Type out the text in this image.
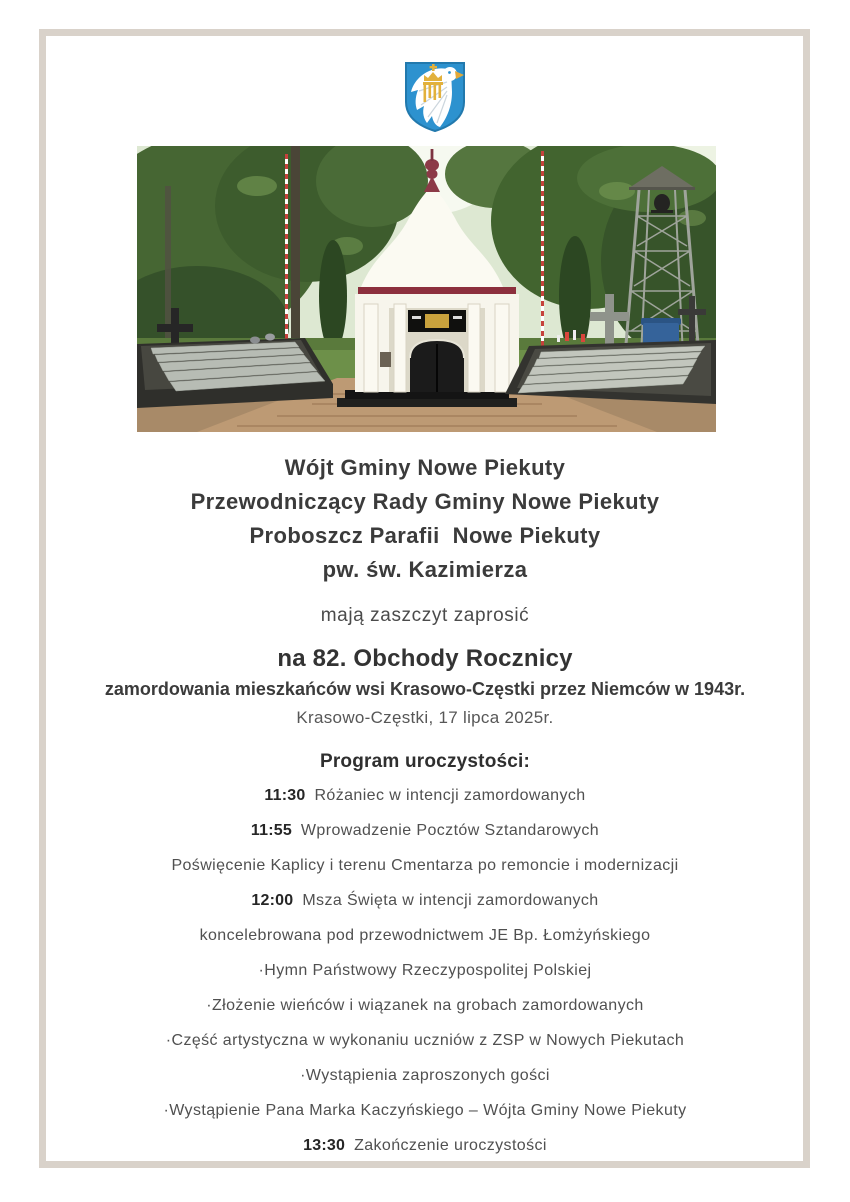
Wójt Gminy Nowe Piekuty
Przewodniczący Rady Gminy Nowe Piekuty
Proboszcz Parafii  Nowe Piekuty
pw. św. Kazimierza
mają zaszczyt zaprosić
na 82. Obchody Rocznicy
zamordowania mieszkańców wsi Krasowo-Częstki przez Niemców w 1943r.
Krasowo-Częstki, 17 lipca 2025r.
Program uroczystości:
11:30 Różaniec w intencji zamordowanych
11:55 Wprowadzenie Pocztów Sztandarowych
Poświęcenie Kaplicy i terenu Cmentarza po remoncie i modernizacji
12:00 Msza Święta w intencji zamordowanych
koncelebrowana pod przewodnictwem JE Bp. Łomżyńskiego
·Hymn Państwowy Rzeczypospolitej Polskiej
·Złożenie wieńców i wiązanek na grobach zamordowanych
·Część artystyczna w wykonaniu uczniów z ZSP w Nowych Piekutach
·Wystąpienia zaproszonych gości
·Wystąpienie Pana Marka Kaczyńskiego – Wójta Gminy Nowe Piekuty
13:30 Zakończenie uroczystości
